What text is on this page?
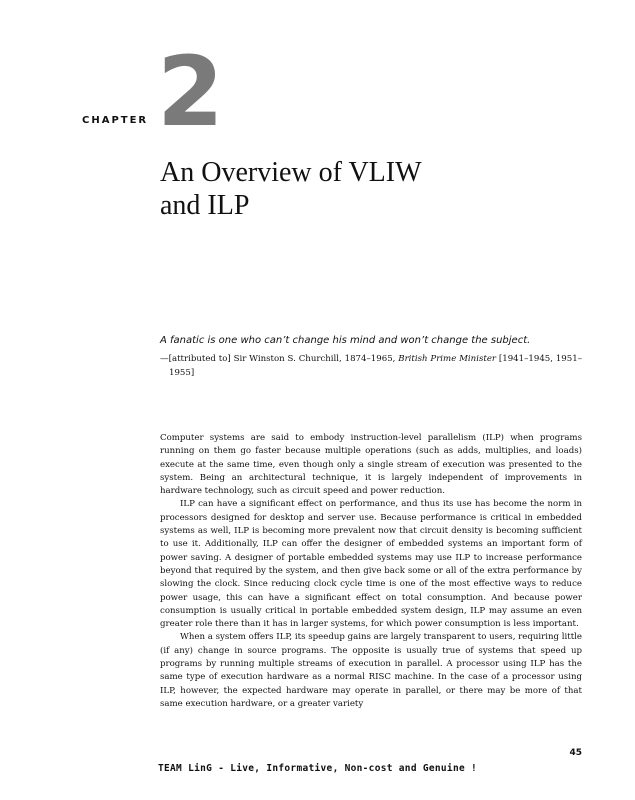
CHAPTER 2
An Overview of VLIW
and ILP

A fanatic is one who can’t change his mind and won’t change the subject.

—[attributed to] Sir Winston S. Churchill, 1874–1965, British Prime Minister [1941–1945, 1951–1955]

Computer systems are said to embody instruction-level parallelism (ILP) when programs running on them go faster because multiple operations (such as adds, multiplies, and loads) execute at the same time, even though only a single stream of execution was presented to the system. Being an architectural technique, it is largely independent of improvements in hardware technology, such as circuit speed and power reduction.

ILP can have a significant effect on performance, and thus its use has become the norm in processors designed for desktop and server use. Because performance is critical in embedded systems as well, ILP is becoming more prevalent now that circuit density is becoming sufficient to use it. Additionally, ILP can offer the designer of embedded systems an important form of power saving. A designer of portable embedded systems may use ILP to increase performance beyond that required by the system, and then give back some or all of the extra performance by slowing the clock. Since reducing clock cycle time is one of the most effective ways to reduce power usage, this can have a significant effect on total consumption. And because power consumption is usually critical in portable embedded system design, ILP may assume an even greater role there than it has in larger systems, for which power consumption is less important.

When a system offers ILP, its speedup gains are largely transparent to users, requiring little (if any) change in source programs. The opposite is usually true of systems that speed up programs by running multiple streams of execution in parallel. A processor using ILP has the same type of execution hardware as a normal RISC machine. In the case of a processor using ILP, however, the expected hardware may operate in parallel, or there may be more of that same execution hardware, or a greater variety

45
TEAM LinG - Live, Informative, Non-cost and Genuine !
